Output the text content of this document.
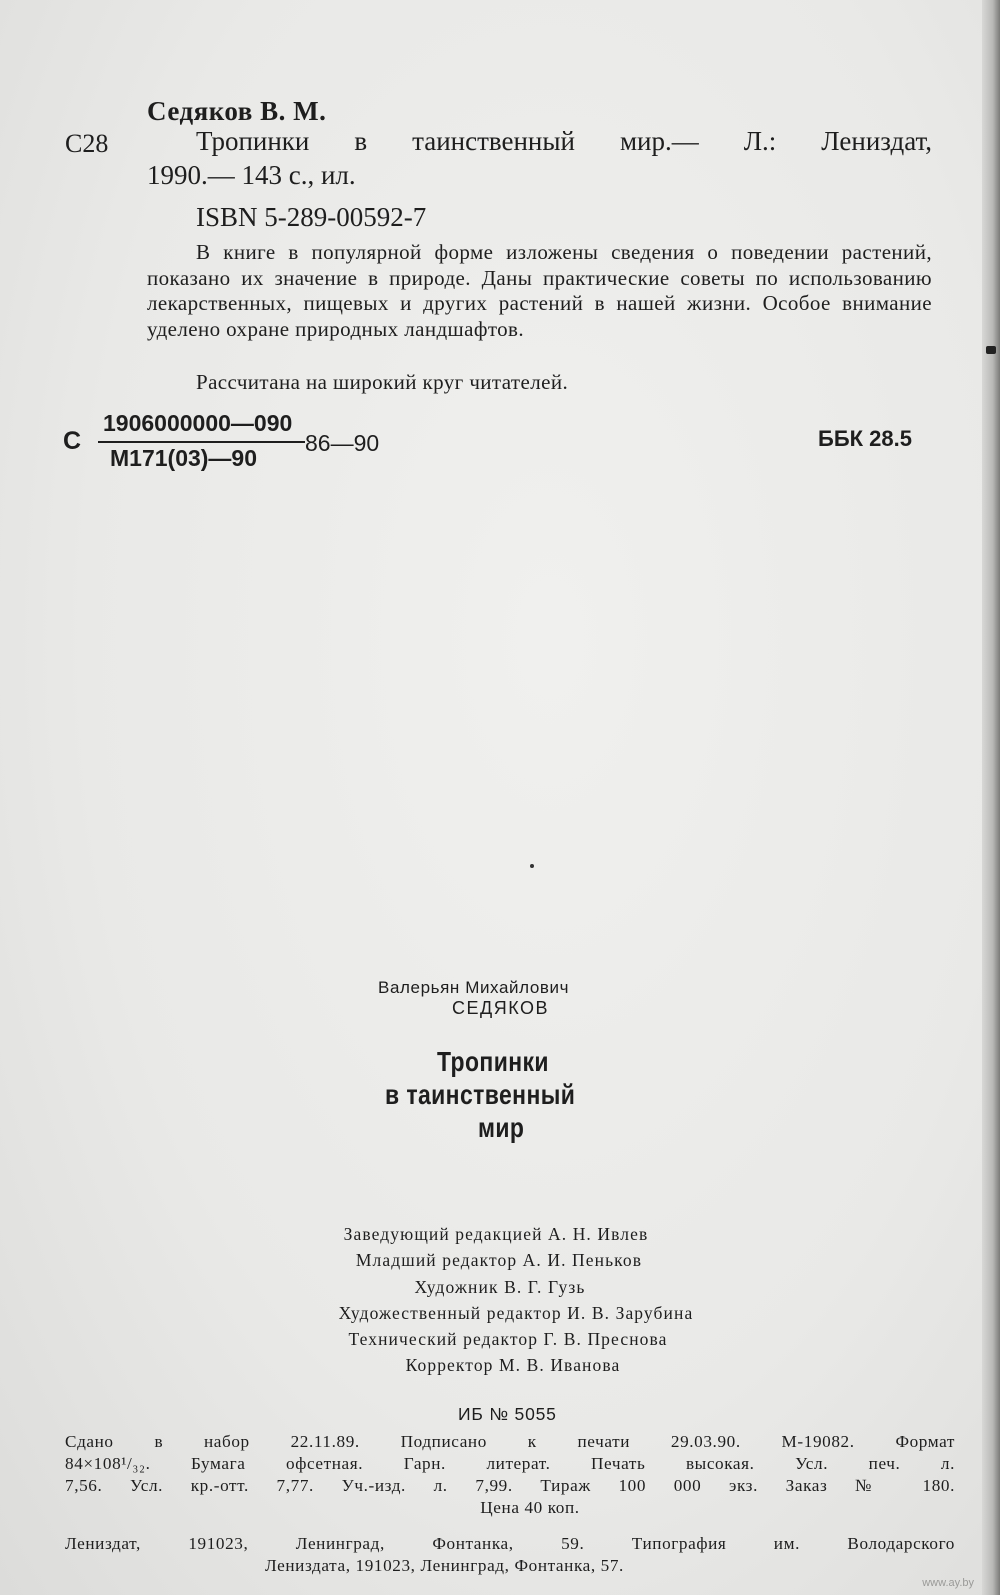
Седяков В. М.
С28	Тропинки в таинственный мир.— Л.: Лениздат,
1990.— 143 с., ил.
ISBN 5-289-00592-7
В книге в популярной форме изложены сведения о поведении растений, показано их значение в природе. Даны практические советы по использованию лекарственных, пищевых и других растений в нашей жизни. Особое внимание уделено охране природных ландшафтов.
Рассчитана на широкий круг читателей.
С
1906000000—090
М171(03)—90
86—90	ББК 28.5
Валерьян Михайлович
СЕДЯКОВ
Тропинки
в таинственный
мир
Заведующий редакцией А. Н. Ивлев
Младший редактор А. И. Пеньков
Художник В. Г. Гузь
Художественный редактор И. В. Зарубина
Технический редактор Г. В. Преснова
Корректор М. В. Иванова
ИБ № 5055
Сдано в набор 22.11.89. Подписано к печати 29.03.90. М-19082. Формат
84×108¹/₃₂. Бумага офсетная. Гарн. литерат. Печать высокая. Усл. печ. л.
7,56. Усл. кр.-отт. 7,77. Уч.-изд. л. 7,99. Тираж 100 000 экз. Заказ № 180.
Цена 40 коп.
Лениздат, 191023, Ленинград, Фонтанка, 59. Типография им. Володарского
Лениздата, 191023, Ленинград, Фонтанка, 57.
www.ay.by
